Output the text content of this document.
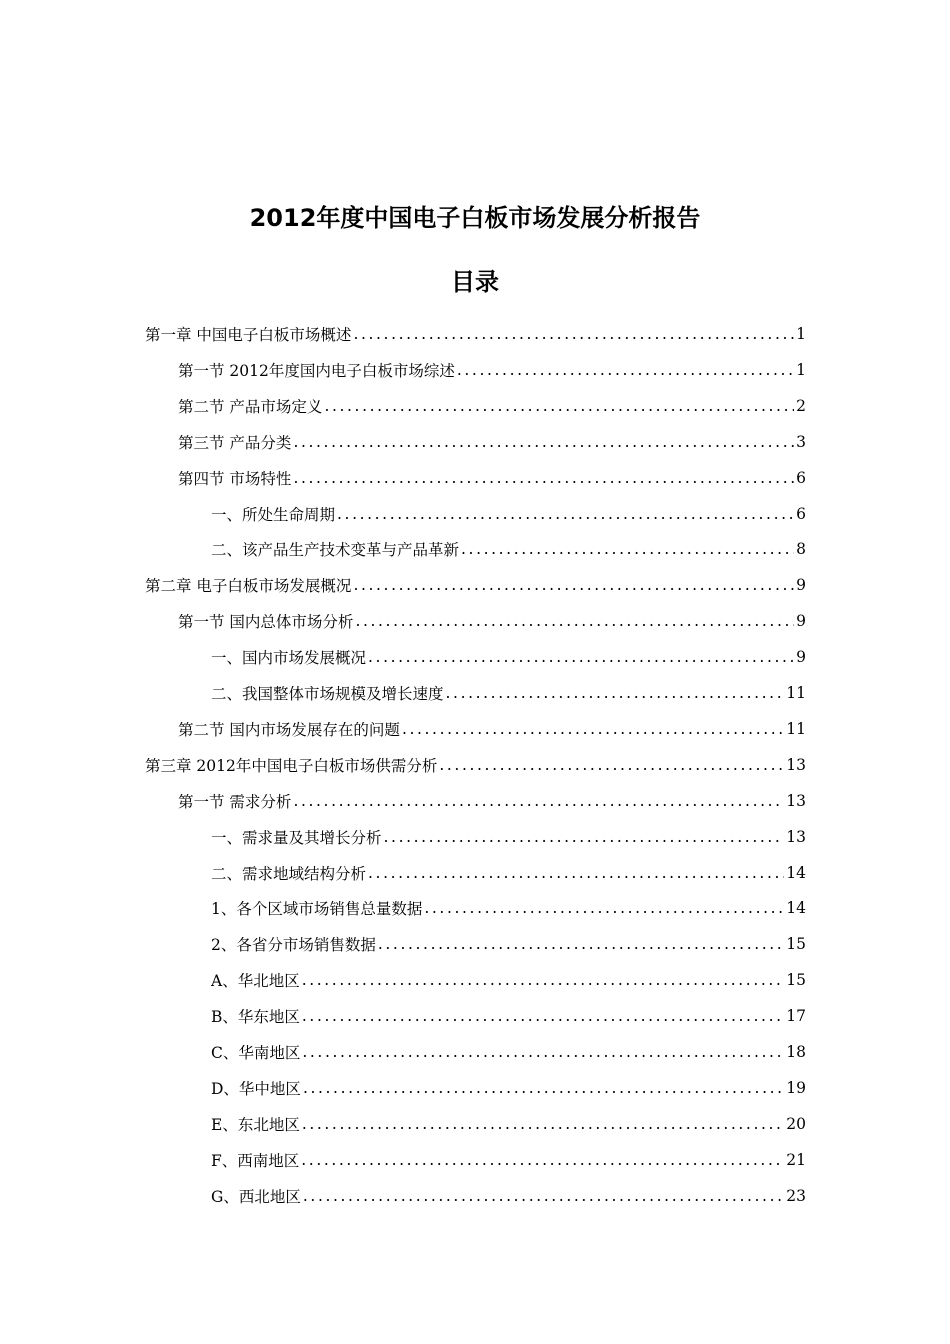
2012年度中国电子白板市场发展分析报告
目录
第一章 中国电子白板市场概述 .....	1
第一节 2012年度国内电子白板市场综述 .....	1
第二节 产品市场定义 .....	2
第三节 产品分类 .....	3
第四节 市场特性 .....	6
一、所处生命周期 .....	6
二、该产品生产技术变革与产品革新 .....	8
第二章 电子白板市场发展概况 .....	9
第一节 国内总体市场分析 .....	9
一、国内市场发展概况 .....	9
二、我国整体市场规模及增长速度 .....	11
第二节 国内市场发展存在的问题 .....	11
第三章 2012年中国电子白板市场供需分析 .....	13
第一节 需求分析 .....	13
一、需求量及其增长分析 .....	13
二、需求地域结构分析 .....	14
1、各个区域市场销售总量数据 .....	14
2、各省分市场销售数据 .....	15
A、华北地区 .....	15
B、华东地区 .....	17
C、华南地区 .....	18
D、华中地区 .....	19
E、东北地区 .....	20
F、西南地区 .....	21
G、西北地区 .....	23
